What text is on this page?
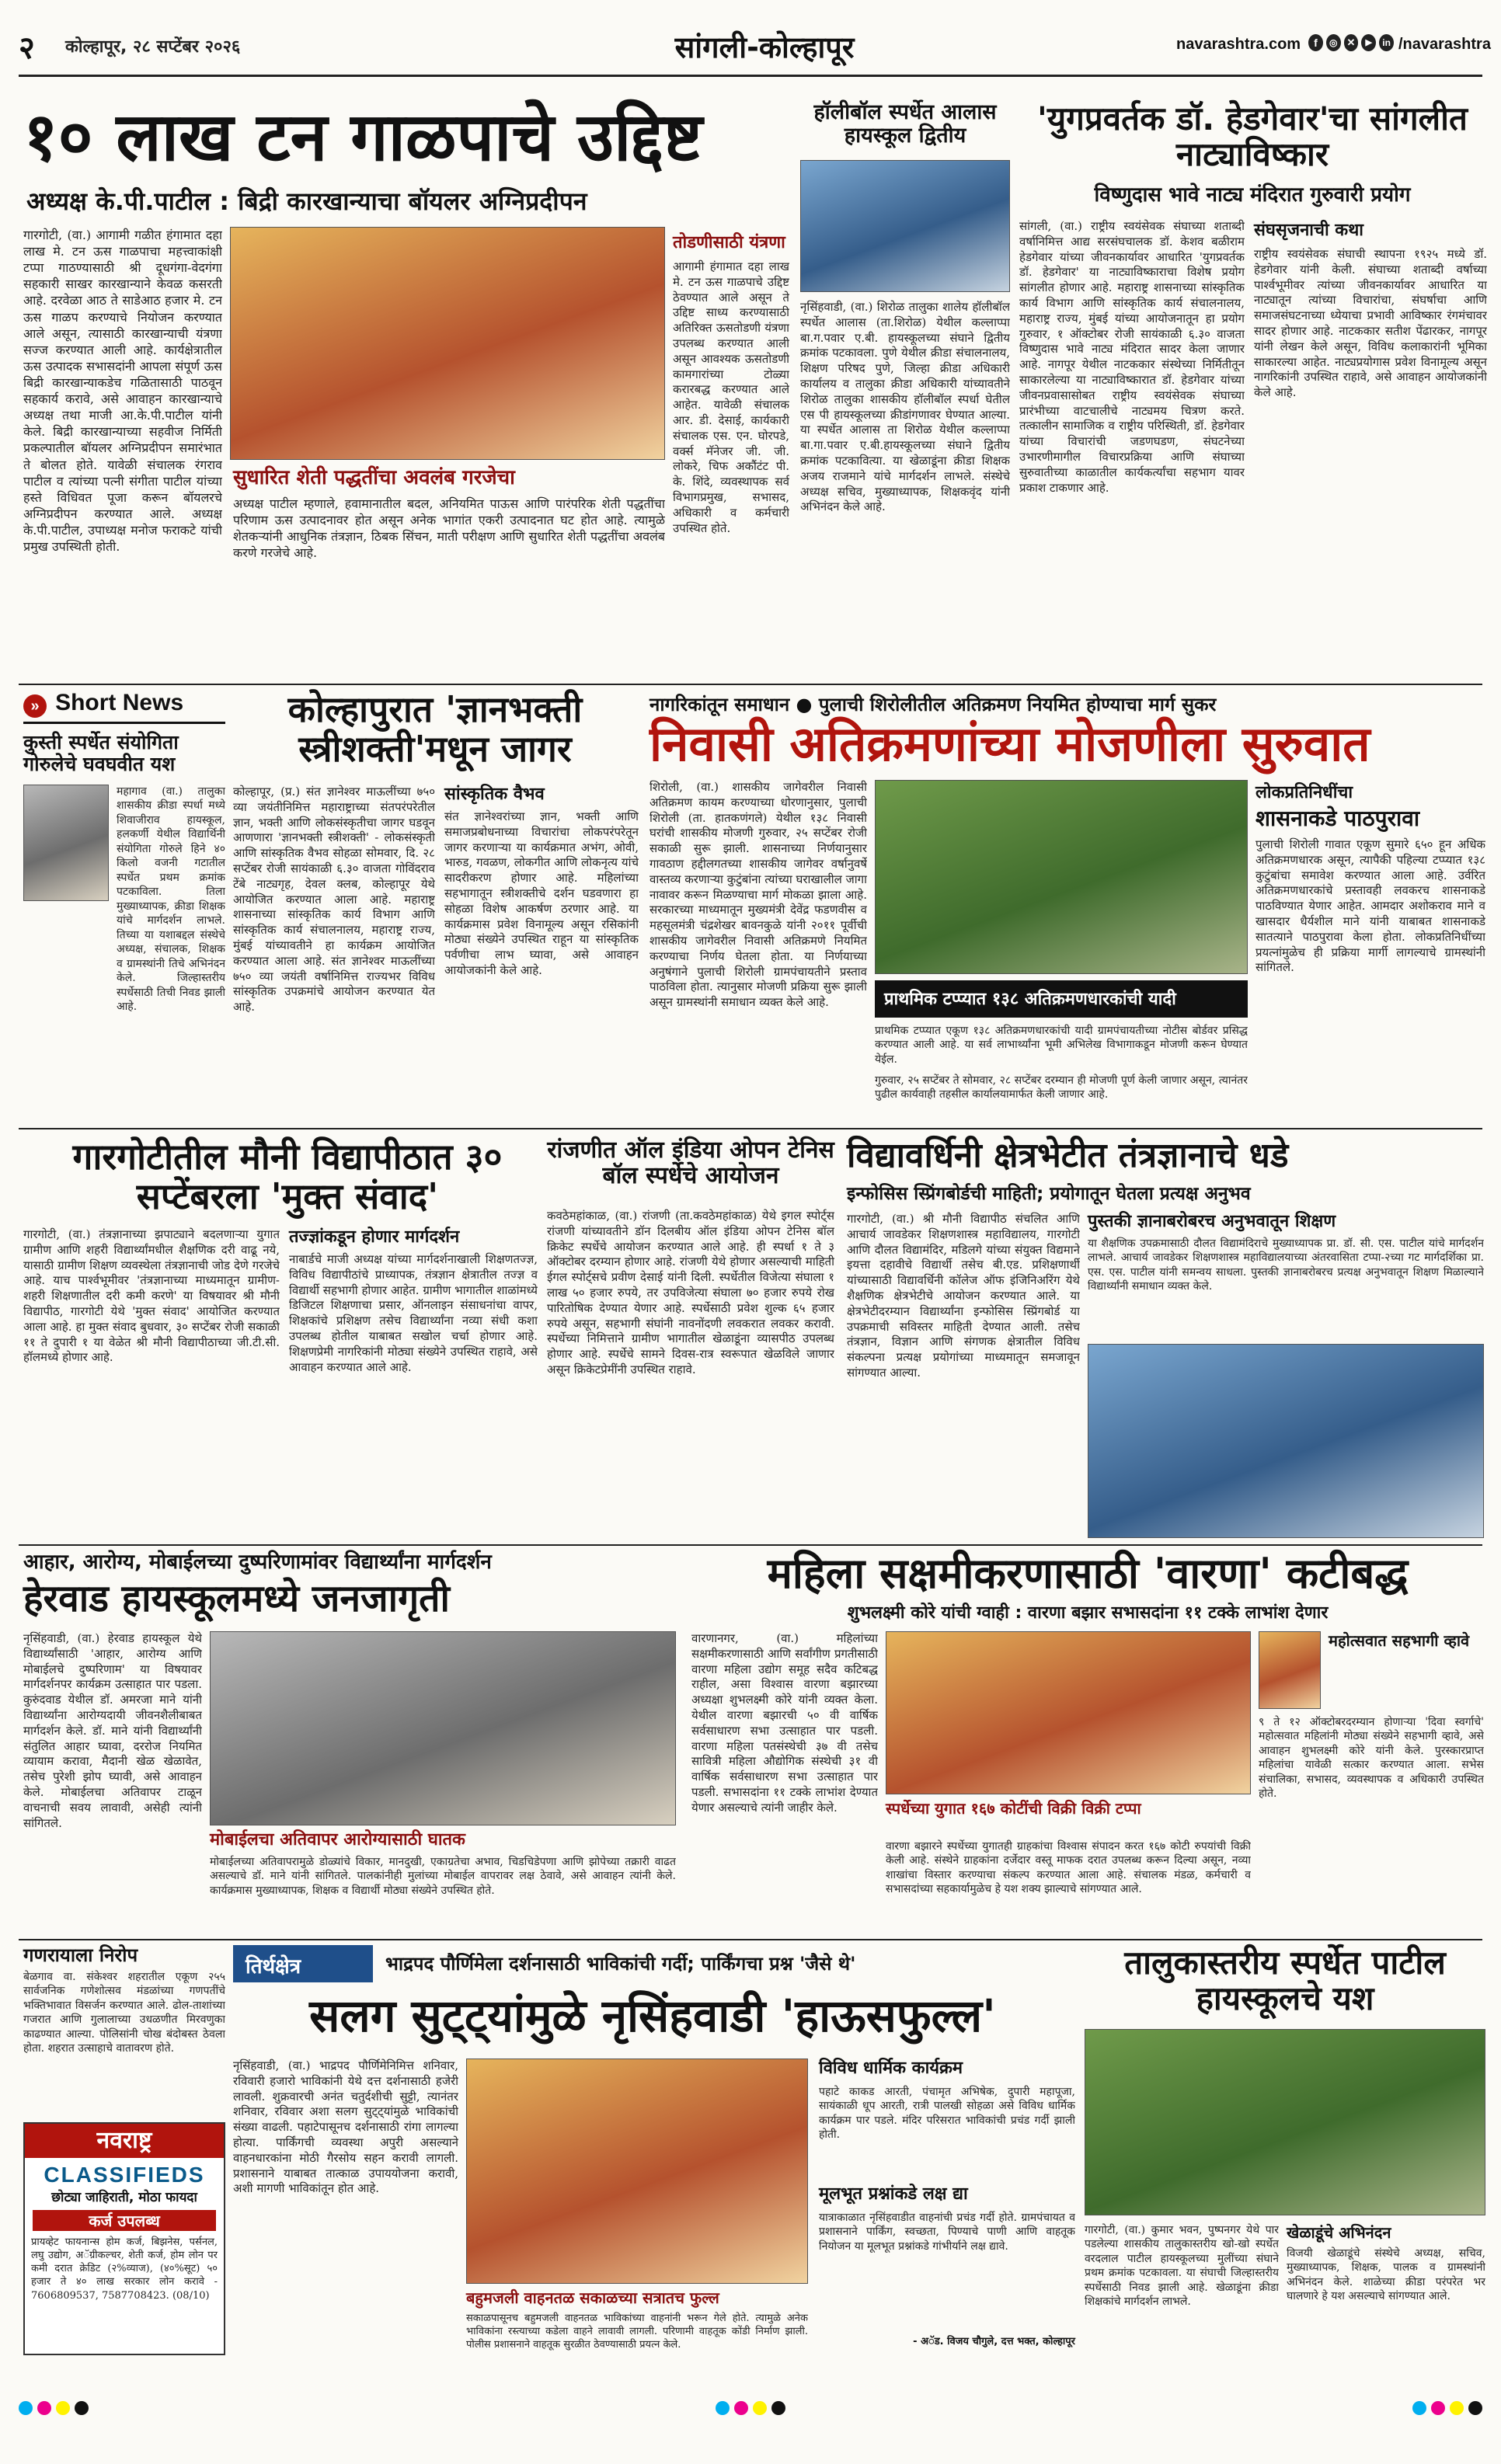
२ कोल्हापूर, २८ सप्टेंबर २०२६	सांगली-कोल्हापूर	navarashtra.com	f	◎ ✕	▶	in /navarashtra
१० लाख टन गाळपाचे उद्दिष्ट
अध्यक्ष के.पी.पाटील : बिद्री कारखान्याचा बॉयलर अग्निप्रदीपन
गारगोटी, (वा.) आगामी गळीत हंगामात दहा लाख मे. टन ऊस गाळपाचा महत्त्वाकांक्षी टप्पा गाठण्यासाठी श्री दूधगंगा-वेदगंगा सहकारी साखर कारखान्याने केवळ कसरती आहे. दरवेळा आठ ते साडेआठ हजार मे. टन ऊस गाळप करण्याचे नियोजन करण्यात आले असून, त्यासाठी कारखान्याची यंत्रणा सज्ज करण्यात आली आहे. कार्यक्षेत्रातील ऊस उत्पादक सभासदांनी आपला संपूर्ण ऊस बिद्री कारखान्याकडेच गळितासाठी पाठवून सहकार्य करावे, असे आवाहन कारखान्याचे अध्यक्ष तथा माजी आ.के.पी.पाटील यांनी केले. बिद्री कारखान्याच्या सहवीज निर्मिती प्रकल्पातील बॉयलर अग्निप्रदीपन समारंभात ते बोलत होते. यावेळी संचालक रंगराव पाटील व त्यांच्या पत्नी संगीता पाटील यांच्या हस्ते विधिवत पूजा करून बॉयलरचे अग्निप्रदीपन करण्यात आले. अध्यक्ष के.पी.पाटील, उपाध्यक्ष मनोज फराकटे यांची प्रमुख उपस्थिती होती.
सुधारित शेती पद्धतींचा अवलंब गरजेचा
अध्यक्ष पाटील म्हणाले, हवामानातील बदल, अनियमित पाऊस आणि पारंपरिक शेती पद्धतींचा परिणाम ऊस उत्पादनावर होत असून अनेक भागांत एकरी उत्पादनात घट होत आहे. त्यामुळे शेतकऱ्यांनी आधुनिक तंत्रज्ञान, ठिबक सिंचन, माती परीक्षण आणि सुधारित शेती पद्धतींचा अवलंब करणे गरजेचे आहे.
तोडणीसाठी यंत्रणा
आगामी हंगामात दहा लाख मे. टन ऊस गाळपाचे उद्दिष्ट ठेवण्यात आले असून ते उद्दिष्ट साध्य करण्यासाठी अतिरिक्त ऊसतोडणी यंत्रणा उपलब्ध करण्यात आली असून आवश्यक ऊसतोडणी कामगारांच्या टोळ्या करारबद्ध करण्यात आले आहेत. यावेळी संचालक आर. डी. देसाई, कार्यकारी संचालक एस. एन. घोरपडे, वर्क्स मॅनेजर जी. जी. लोकरे, चिफ अकौंटंट पी. के. शिंदे, व्यवस्थापक सर्व विभागप्रमुख, सभासद, अधिकारी व कर्मचारी उपस्थित होते.
हॉलीबॉल स्पर्धेत आलास हायस्कूल द्वितीय
नृसिंहवाडी, (वा.) शिरोळ तालुका शालेय हॉलीबॉल स्पर्धेत आलास (ता.शिरोळ) येथील कल्लाप्पा बा.ग.पवार ए.बी. हायस्कूलच्या संघाने द्वितीय क्रमांक पटकावला. पुणे येथील क्रीडा संचालनालय, शिक्षण परिषद पुणे, जिल्हा क्रीडा अधिकारी कार्यालय व तालुका क्रीडा अधिकारी यांच्यावतीने शिरोळ तालुका शासकीय हॉलीबॉल स्पर्धा घेतील एस पी हायस्कूलच्या क्रीडांगणावर घेण्यात आल्या. या स्पर्धेत आलास ता शिरोळ येथील कल्लाप्पा बा.गा.पवार ए.बी.हायस्कूलच्या संघाने द्वितीय क्रमांक पटकावित्या. या खेळाडूंना क्रीडा शिक्षक अजय राजमाने यांचे मार्गदर्शन लाभले. संस्थेचे अध्यक्ष सचिव, मुख्याध्यापक, शिक्षकवृंद यांनी अभिनंदन केले आहे.
'युगप्रवर्तक डॉ. हेडगेवार'चा सांगलीत नाट्याविष्कार
विष्णुदास भावे नाट्य मंदिरात गुरुवारी प्रयोग
सांगली, (वा.) राष्ट्रीय स्वयंसेवक संघाच्या शताब्दी वर्षानिमित्त आद्य सरसंघचालक डॉ. केशव बळीराम हेडगेवार यांच्या जीवनकार्यावर आधारित 'युगप्रवर्तक डॉ. हेडगेवार' या नाट्याविष्काराचा विशेष प्रयोग सांगलीत होणार आहे. महाराष्ट्र शासनाच्या सांस्कृतिक कार्य विभाग आणि सांस्कृतिक कार्य संचालनालय, महाराष्ट्र राज्य, मुंबई यांच्या आयोजनातून हा प्रयोग गुरुवार, १ ऑक्टोबर रोजी सायंकाळी ६.३० वाजता विष्णुदास भावे नाट्य मंदिरात सादर केला जाणार आहे. नागपूर येथील नाटककार संस्थेच्या निर्मितीतून साकारलेल्या या नाट्याविष्कारात डॉ. हेडगेवार यांच्या जीवनप्रवासासोबत राष्ट्रीय स्वयंसेवक संघाच्या प्रारंभीच्या वाटचालीचे नाट्यमय चित्रण करते. तत्कालीन सामाजिक व राष्ट्रीय परिस्थिती, डॉ. हेडगेवार यांच्या विचारांची जडणघडण, संघटनेच्या उभारणीमागील विचारप्रक्रिया आणि संघाच्या सुरुवातीच्या काळातील कार्यकर्त्यांचा सहभाग यावर प्रकाश टाकणार आहे.
संघसृजनाची कथा
राष्ट्रीय स्वयंसेवक संघाची स्थापना १९२५ मध्ये डॉ. हेडगेवार यांनी केली. संघाच्या शताब्दी वर्षाच्या पार्श्वभूमीवर त्यांच्या जीवनकार्यावर आधारित या नाट्यातून त्यांच्या विचारांचा, संघर्षाचा आणि समाजसंघटनाच्या ध्येयाचा प्रभावी आविष्कार रंगमंचावर सादर होणार आहे. नाटककार सतीश पेंढारकर, नागपूर यांनी लेखन केले असून, विविध कलाकारांनी भूमिका साकारल्या आहेत. नाट्यप्रयोगास प्रवेश विनामूल्य असून नागरिकांनी उपस्थित राहावे, असे आवाहन आयोजकांनी केले आहे.
» Short News
कुस्ती स्पर्धेत संयोगिता गोरुलेचे घवघवीत यश
महागाव (वा.) तालुका शासकीय क्रीडा स्पर्धा मध्ये शिवाजीराव हायस्कूल, हलकर्णी येथील विद्यार्थिनी संयोगिता गोरुले हिने ४० किलो वजनी गटातील स्पर्धेत प्रथम क्रमांक पटकाविला. तिला मुख्याध्यापक, क्रीडा शिक्षक यांचे मार्गदर्शन लाभले. तिच्या या यशाबद्दल संस्थेचे अध्यक्ष, संचालक, शिक्षक व ग्रामस्थांनी तिचे अभिनंदन केले. जिल्हास्तरीय स्पर्धेसाठी तिची निवड झाली आहे.
कोल्हापुरात 'ज्ञानभक्ती स्त्रीशक्ती'मधून जागर
कोल्हापूर, (प्र.) संत ज्ञानेश्वर माऊलींच्या ७५० व्या जयंतीनिमित्त महाराष्ट्राच्या संतपरंपरेतील ज्ञान, भक्ती आणि लोकसंस्कृतीचा जागर घडवून आणणारा 'ज्ञानभक्ती स्त्रीशक्ती' - लोकसंस्कृती आणि सांस्कृतिक वैभव सोहळा सोमवार, दि. २८ सप्टेंबर रोजी सायंकाळी ६.३० वाजता गोविंदराव टेंबे नाट्यगृह, देवल क्लब, कोल्हापूर येथे आयोजित करण्यात आला आहे. महाराष्ट्र शासनाच्या सांस्कृतिक कार्य विभाग आणि सांस्कृतिक कार्य संचालनालय, महाराष्ट्र राज्य, मुंबई यांच्यावतीने हा कार्यक्रम आयोजित करण्यात आला आहे. संत ज्ञानेश्वर माऊलींच्या ७५० व्या जयंती वर्षानिमित्त राज्यभर विविध सांस्कृतिक उपक्रमांचे आयोजन करण्यात येत आहे.
सांस्कृतिक वैभव
संत ज्ञानेश्वरांच्या ज्ञान, भक्ती आणि समाजप्रबोधनाच्या विचारांचा लोकपरंपरेतून जागर करणाऱ्या या कार्यक्रमात अभंग, ओवी, भारुड, गवळण, लोकगीत आणि लोकनृत्य यांचे सादरीकरण होणार आहे. महिलांच्या सहभागातून स्त्रीशक्तीचे दर्शन घडवणारा हा सोहळा विशेष आकर्षण ठरणार आहे. या कार्यक्रमास प्रवेश विनामूल्य असून रसिकांनी मोठ्या संख्येने उपस्थित राहून या सांस्कृतिक पर्वणीचा लाभ घ्यावा, असे आवाहन आयोजकांनी केले आहे.
नागरिकांतून समाधान ● पुलाची शिरोलीतील अतिक्रमण नियमित होण्याचा मार्ग सुकर
निवासी अतिक्रमणांच्या मोजणीला सुरुवात
शिरोली, (वा.) शासकीय जागेवरील निवासी अतिक्रमण कायम करण्याच्या धोरणानुसार, पुलाची शिरोली (ता. हातकणंगले) येथील १३८ निवासी घरांची शासकीय मोजणी गुरुवार, २५ सप्टेंबर रोजी सकाळी सुरू झाली. शासनाच्या निर्णयानुसार गावठाण हद्दीलगतच्या शासकीय जागेवर वर्षानुवर्षे वास्तव्य करणाऱ्या कुटुंबांना त्यांच्या घराखालील जागा नावावर करून मिळण्याचा मार्ग मोकळा झाला आहे. सरकारच्या माध्यमातून मुख्यमंत्री देवेंद्र फडणवीस व महसूलमंत्री चंद्रशेखर बावनकुळे यांनी २०११ पूर्वीची शासकीय जागेवरील निवासी अतिक्रमणे नियमित करण्याचा निर्णय घेतला होता. या निर्णयाच्या अनुषंगाने पुलाची शिरोली ग्रामपंचायतीने प्रस्ताव पाठविला होता. त्यानुसार मोजणी प्रक्रिया सुरू झाली असून ग्रामस्थांनी समाधान व्यक्त केले आहे.	प्राथमिक टप्प्यात १३८ अतिक्रमणधारकांची यादी
प्राथमिक टप्प्यात एकूण १३८ अतिक्रमणधारकांची यादी ग्रामपंचायतीच्या नोटीस बोर्डवर प्रसिद्ध करण्यात आली आहे. या सर्व लाभार्थ्यांना भूमी अभिलेख विभागाकडून मोजणी करून घेण्यात येईल.
गुरुवार, २५ सप्टेंबर ते सोमवार, २८ सप्टेंबर दरम्यान ही मोजणी पूर्ण केली जाणार असून, त्यानंतर पुढील कार्यवाही तहसील कार्यालयामार्फत केली जाणार आहे.
लोकप्रतिनिधींचा
शासनाकडे पाठपुरावा
पुलाची शिरोली गावात एकूण सुमारे ६५० हून अधिक अतिक्रमणधारक असून, त्यापैकी पहिल्या टप्प्यात १३८ कुटुंबांचा समावेश करण्यात आला आहे. उर्वरित अतिक्रमणधारकांचे प्रस्तावही लवकरच शासनाकडे पाठविण्यात येणार आहेत. आमदार अशोकराव माने व खासदार धैर्यशील माने यांनी याबाबत शासनाकडे सातत्याने पाठपुरावा केला होता. लोकप्रतिनिधींच्या प्रयत्नांमुळेच ही प्रक्रिया मार्गी लागल्याचे ग्रामस्थांनी सांगितले.
गारगोटीतील मौनी विद्यापीठात ३० सप्टेंबरला 'मुक्त संवाद'
गारगोटी, (वा.) तंत्रज्ञानाच्या झपाट्याने बदलणाऱ्या युगात ग्रामीण आणि शहरी विद्यार्थ्यांमधील शैक्षणिक दरी वाढू नये, यासाठी ग्रामीण शिक्षण व्यवस्थेला तंत्रज्ञानाची जोड देणे गरजेचे आहे. याच पार्श्वभूमीवर 'तंत्रज्ञानाच्या माध्यमातून ग्रामीण-शहरी शिक्षणातील दरी कमी करणे' या विषयावर श्री मौनी विद्यापीठ, गारगोटी येथे 'मुक्त संवाद' आयोजित करण्यात आला आहे. हा मुक्त संवाद बुधवार, ३० सप्टेंबर रोजी सकाळी ११ ते दुपारी १ या वेळेत श्री मौनी विद्यापीठाच्या जी.टी.सी. हॉलमध्ये होणार आहे.
तज्ज्ञांकडून होणार मार्गदर्शन
नाबार्डचे माजी अध्यक्ष यांच्या मार्गदर्शनाखाली शिक्षणतज्ज्ञ, विविध विद्यापीठांचे प्राध्यापक, तंत्रज्ञान क्षेत्रातील तज्ज्ञ व विद्यार्थी सहभागी होणार आहेत. ग्रामीण भागातील शाळांमध्ये डिजिटल शिक्षणाचा प्रसार, ऑनलाइन संसाधनांचा वापर, शिक्षकांचे प्रशिक्षण तसेच विद्यार्थ्यांना नव्या संधी कशा उपलब्ध होतील याबाबत सखोल चर्चा होणार आहे. शिक्षणप्रेमी नागरिकांनी मोठ्या संख्येने उपस्थित राहावे, असे आवाहन करण्यात आले आहे.
रांजणीत ऑल इंडिया ओपन टेनिस बॉल स्पर्धेचे आयोजन
कवठेमहांकाळ, (वा.) रांजणी (ता.कवठेमहांकाळ) येथे इगल स्पोर्ट्स रांजणी यांच्यावतीने डॉन दिलबीय ऑल इंडिया ओपन टेनिस बॉल क्रिकेट स्पर्धेचे आयोजन करण्यात आले आहे. ही स्पर्धा १ ते ३ ऑक्टोबर दरम्यान होणार आहे. रांजणी येथे होणार असल्याची माहिती ईगल स्पोर्ट्सचे प्रवीण देसाई यांनी दिली. स्पर्धेतील विजेत्या संघाला १ लाख ५० हजार रुपये, तर उपविजेत्या संघाला ७० हजार रुपये रोख पारितोषिक देण्यात येणार आहे. स्पर्धेसाठी प्रवेश शुल्क ६५ हजार रुपये असून, सहभागी संघांनी नावनोंदणी लवकरात लवकर करावी. स्पर्धेच्या निमित्ताने ग्रामीण भागातील खेळाडूंना व्यासपीठ उपलब्ध होणार आहे. स्पर्धेचे सामने दिवस-रात्र स्वरूपात खेळविले जाणार असून क्रिकेटप्रेमींनी उपस्थित राहावे.
विद्यावर्धिनी क्षेत्रभेटीत तंत्रज्ञानाचे धडे
इन्फोसिस स्प्रिंगबोर्डची माहिती; प्रयोगातून घेतला प्रत्यक्ष अनुभव
गारगोटी, (वा.) श्री मौनी विद्यापीठ संचलित आणि आचार्य जावडेकर शिक्षणशास्त्र महाविद्यालय, गारगोटी आणि दौलत विद्यामंदिर, मडिलगे यांच्या संयुक्त विद्यमाने इयत्ता दहावीचे विद्यार्थी तसेच बी.एड. प्रशिक्षणार्थी यांच्यासाठी विद्यावर्धिनी कॉलेज ऑफ इंजिनिअरिंग येथे शैक्षणिक क्षेत्रभेटीचे आयोजन करण्यात आले. या क्षेत्रभेटीदरम्यान विद्यार्थ्यांना इन्फोसिस स्प्रिंगबोर्ड या उपक्रमाची सविस्तर माहिती देण्यात आली. तसेच तंत्रज्ञान, विज्ञान आणि संगणक क्षेत्रातील विविध संकल्पना प्रत्यक्ष प्रयोगांच्या माध्यमातून समजावून सांगण्यात आल्या.
पुस्तकी ज्ञानाबरोबरच अनुभवातून शिक्षण
या शैक्षणिक उपक्रमासाठी दौलत विद्यामंदिराचे मुख्याध्यापक प्रा. डॉ. सी. एस. पाटील यांचे मार्गदर्शन लाभले. आचार्य जावडेकर शिक्षणशास्त्र महाविद्यालयाच्या अंतरवासिता टप्पा-२च्या गट मार्गदर्शिका प्रा. एस. एस. पाटील यांनी समन्वय साधला. पुस्तकी ज्ञानाबरोबरच प्रत्यक्ष अनुभवातून शिक्षण मिळाल्याने विद्यार्थ्यांनी समाधान व्यक्त केले.
आहार, आरोग्य, मोबाईलच्या दुष्परिणामांवर विद्यार्थ्यांना मार्गदर्शन
हेरवाड हायस्कूलमध्ये जनजागृती
नृसिंहवाडी, (वा.) हेरवाड हायस्कूल येथे विद्यार्थ्यांसाठी 'आहार, आरोग्य आणि मोबाईलचे दुष्परिणाम' या विषयावर मार्गदर्शनपर कार्यक्रम उत्साहात पार पडला. कुरुंदवाड येथील डॉ. अमरजा माने यांनी विद्यार्थ्यांना आरोग्यदायी जीवनशैलीबाबत मार्गदर्शन केले. डॉ. माने यांनी विद्यार्थ्यांनी संतुलित आहार घ्यावा, दररोज नियमित व्यायाम करावा, मैदानी खेळ खेळावेत, तसेच पुरेशी झोप घ्यावी, असे आवाहन केले. मोबाईलचा अतिवापर टाळून वाचनाची सवय लावावी, असेही त्यांनी सांगितले.
मोबाईलचा अतिवापर आरोग्यासाठी घातक
मोबाईलच्या अतिवापरामुळे डोळ्यांचे विकार, मानदुखी, एकाग्रतेचा अभाव, चिडचिडेपणा आणि झोपेच्या तक्रारी वाढत असल्याचे डॉ. माने यांनी सांगितले. पालकांनीही मुलांच्या मोबाईल वापरावर लक्ष ठेवावे, असे आवाहन त्यांनी केले. कार्यक्रमास मुख्याध्यापक, शिक्षक व विद्यार्थी मोठ्या संख्येने उपस्थित होते.
महिला सक्षमीकरणासाठी 'वारणा' कटीबद्ध
शुभलक्ष्मी कोरे यांची ग्वाही : वारणा बझार सभासदांना ११ टक्के लाभांश देणार
वारणानगर, (वा.) महिलांच्या सक्षमीकरणासाठी आणि सर्वांगीण प्रगतीसाठी वारणा महिला उद्योग समूह सदैव कटिबद्ध राहील, असा विश्वास वारणा बझारच्या अध्यक्षा शुभलक्ष्मी कोरे यांनी व्यक्त केला. येथील वारणा बझारची ५० वी वार्षिक सर्वसाधारण सभा उत्साहात पार पडली. वारणा महिला पतसंस्थेची ३७ वी तसेच सावित्री महिला औद्योगिक संस्थेची ३१ वी वार्षिक सर्वसाधारण सभा उत्साहात पार पडली. सभासदांना ११ टक्के लाभांश देण्यात येणार असल्याचे त्यांनी जाहीर केले.	स्पर्धेच्या युगात १६७ कोटींची विक्री विक्री टप्पा
वारणा बझारने स्पर्धेच्या युगातही ग्राहकांचा विश्वास संपादन करत १६७ कोटी रुपयांची विक्री केली आहे. संस्थेने ग्राहकांना दर्जेदार वस्तू माफक दरात उपलब्ध करून दिल्या असून, नव्या शाखांचा विस्तार करण्याचा संकल्प करण्यात आला आहे. संचालक मंडळ, कर्मचारी व सभासदांच्या सहकार्यामुळेच हे यश शक्य झाल्याचे सांगण्यात आले.
महोत्सवात सहभागी व्हावे
९ ते १२ ऑक्टोबरदरम्यान होणाऱ्या 'दिवा स्वर्गाचे' महोत्सवात महिलांनी मोठ्या संख्येने सहभागी व्हावे, असे आवाहन शुभलक्ष्मी कोरे यांनी केले. पुरस्कारप्राप्त महिलांचा यावेळी सत्कार करण्यात आला. सभेस संचालिका, सभासद, व्यवस्थापक व अधिकारी उपस्थित होते.
गणरायाला निरोप
बेळगाव वा. संकेश्वर शहरातील एकूण २५५ सार्वजनिक गणेशोत्सव मंडळांच्या गणपतींचे भक्तिभावात विसर्जन करण्यात आले. ढोल-ताशांच्या गजरात आणि गुलालाच्या उधळणीत मिरवणुका काढण्यात आल्या. पोलिसांनी चोख बंदोबस्त ठेवला होता. शहरात उत्साहाचे वातावरण होते.
नवराष्ट्र
CLASSIFIEDS
छोट्या जाहिराती, मोठा फायदा
कर्ज उपलब्ध
प्रायव्हेट फायनान्स होम कर्ज, बिझनेस, पर्सनल, लघु उद्योग, अॅग्रीकल्चर, शेती कर्ज, होम लोन पर कमी दरात क्रेडिट (२%व्याज), (४०%सूट) ५० हजार ते ४० लाख सरकार लोन करावे - 7606809537, 7587708423. (08/10)
तिर्थक्षेत्र	भाद्रपद पौर्णिमेला दर्शनासाठी भाविकांची गर्दी; पार्किंगचा प्रश्न 'जैसे थे'
सलग सुट्ट्यांमुळे नृसिंहवाडी 'हाऊसफुल्ल'
नृसिंहवाडी, (वा.) भाद्रपद पौर्णिमेनिमित्त शनिवार, रविवारी हजारो भाविकांनी येथे दत्त दर्शनासाठी हजेरी लावली. शुक्रवारची अनंत चतुर्दशीची सुट्टी, त्यानंतर शनिवार, रविवार अशा सलग सुट्ट्यांमुळे भाविकांची संख्या वाढली. पहाटेपासूनच दर्शनासाठी रांगा लागल्या होत्या. पार्किंगची व्यवस्था अपुरी असल्याने वाहनधारकांना मोठी गैरसोय सहन करावी लागली. प्रशासनाने याबाबत तात्काळ उपाययोजना करावी, अशी मागणी भाविकांतून होत आहे.
बहुमजली वाहनतळ सकाळच्या सत्रातच फुल्ल
सकाळपासूनच बहुमजली वाहनतळ भाविकांच्या वाहनांनी भरून गेले होते. त्यामुळे अनेक भाविकांना रस्त्याच्या कडेला वाहने लावावी लागली. परिणामी वाहतूक कोंडी निर्माण झाली. पोलीस प्रशासनाने वाहतूक सुरळीत ठेवण्यासाठी प्रयत्न केले.
विविध धार्मिक कार्यक्रम
पहाटे काकड आरती, पंचामृत अभिषेक, दुपारी महापूजा, सायंकाळी धूप आरती, रात्री पालखी सोहळा असे विविध धार्मिक कार्यक्रम पार पडले. मंदिर परिसरात भाविकांची प्रचंड गर्दी झाली होती.
मूलभूत प्रश्नांकडे लक्ष द्या
यात्राकाळात नृसिंहवाडीत वाहनांची प्रचंड गर्दी होते. ग्रामपंचायत व प्रशासनाने पार्किंग, स्वच्छता, पिण्याचे पाणी आणि वाहतूक नियोजन या मूलभूत प्रश्नांकडे गांभीर्याने लक्ष द्यावे.
- अॅड. विजय चौगुले, दत्त भक्त, कोल्हापूर
तालुकास्तरीय स्पर्धेत पाटील हायस्कूलचे यश
गारगोटी, (वा.) कुमार भवन, पुष्पनगर येथे पार पडलेल्या शासकीय तालुकास्तरीय खो-खो स्पर्धेत वरदलाल पाटील हायस्कूलच्या मुलींच्या संघाने प्रथम क्रमांक पटकावला. या संघाची जिल्हास्तरीय स्पर्धेसाठी निवड झाली आहे. खेळाडूंना क्रीडा शिक्षकांचे मार्गदर्शन लाभले.
खेळाडूंचे अभिनंदन
विजयी खेळाडूंचे संस्थेचे अध्यक्ष, सचिव, मुख्याध्यापक, शिक्षक, पालक व ग्रामस्थांनी अभिनंदन केले. शाळेच्या क्रीडा परंपरेत भर घालणारे हे यश असल्याचे सांगण्यात आले.
